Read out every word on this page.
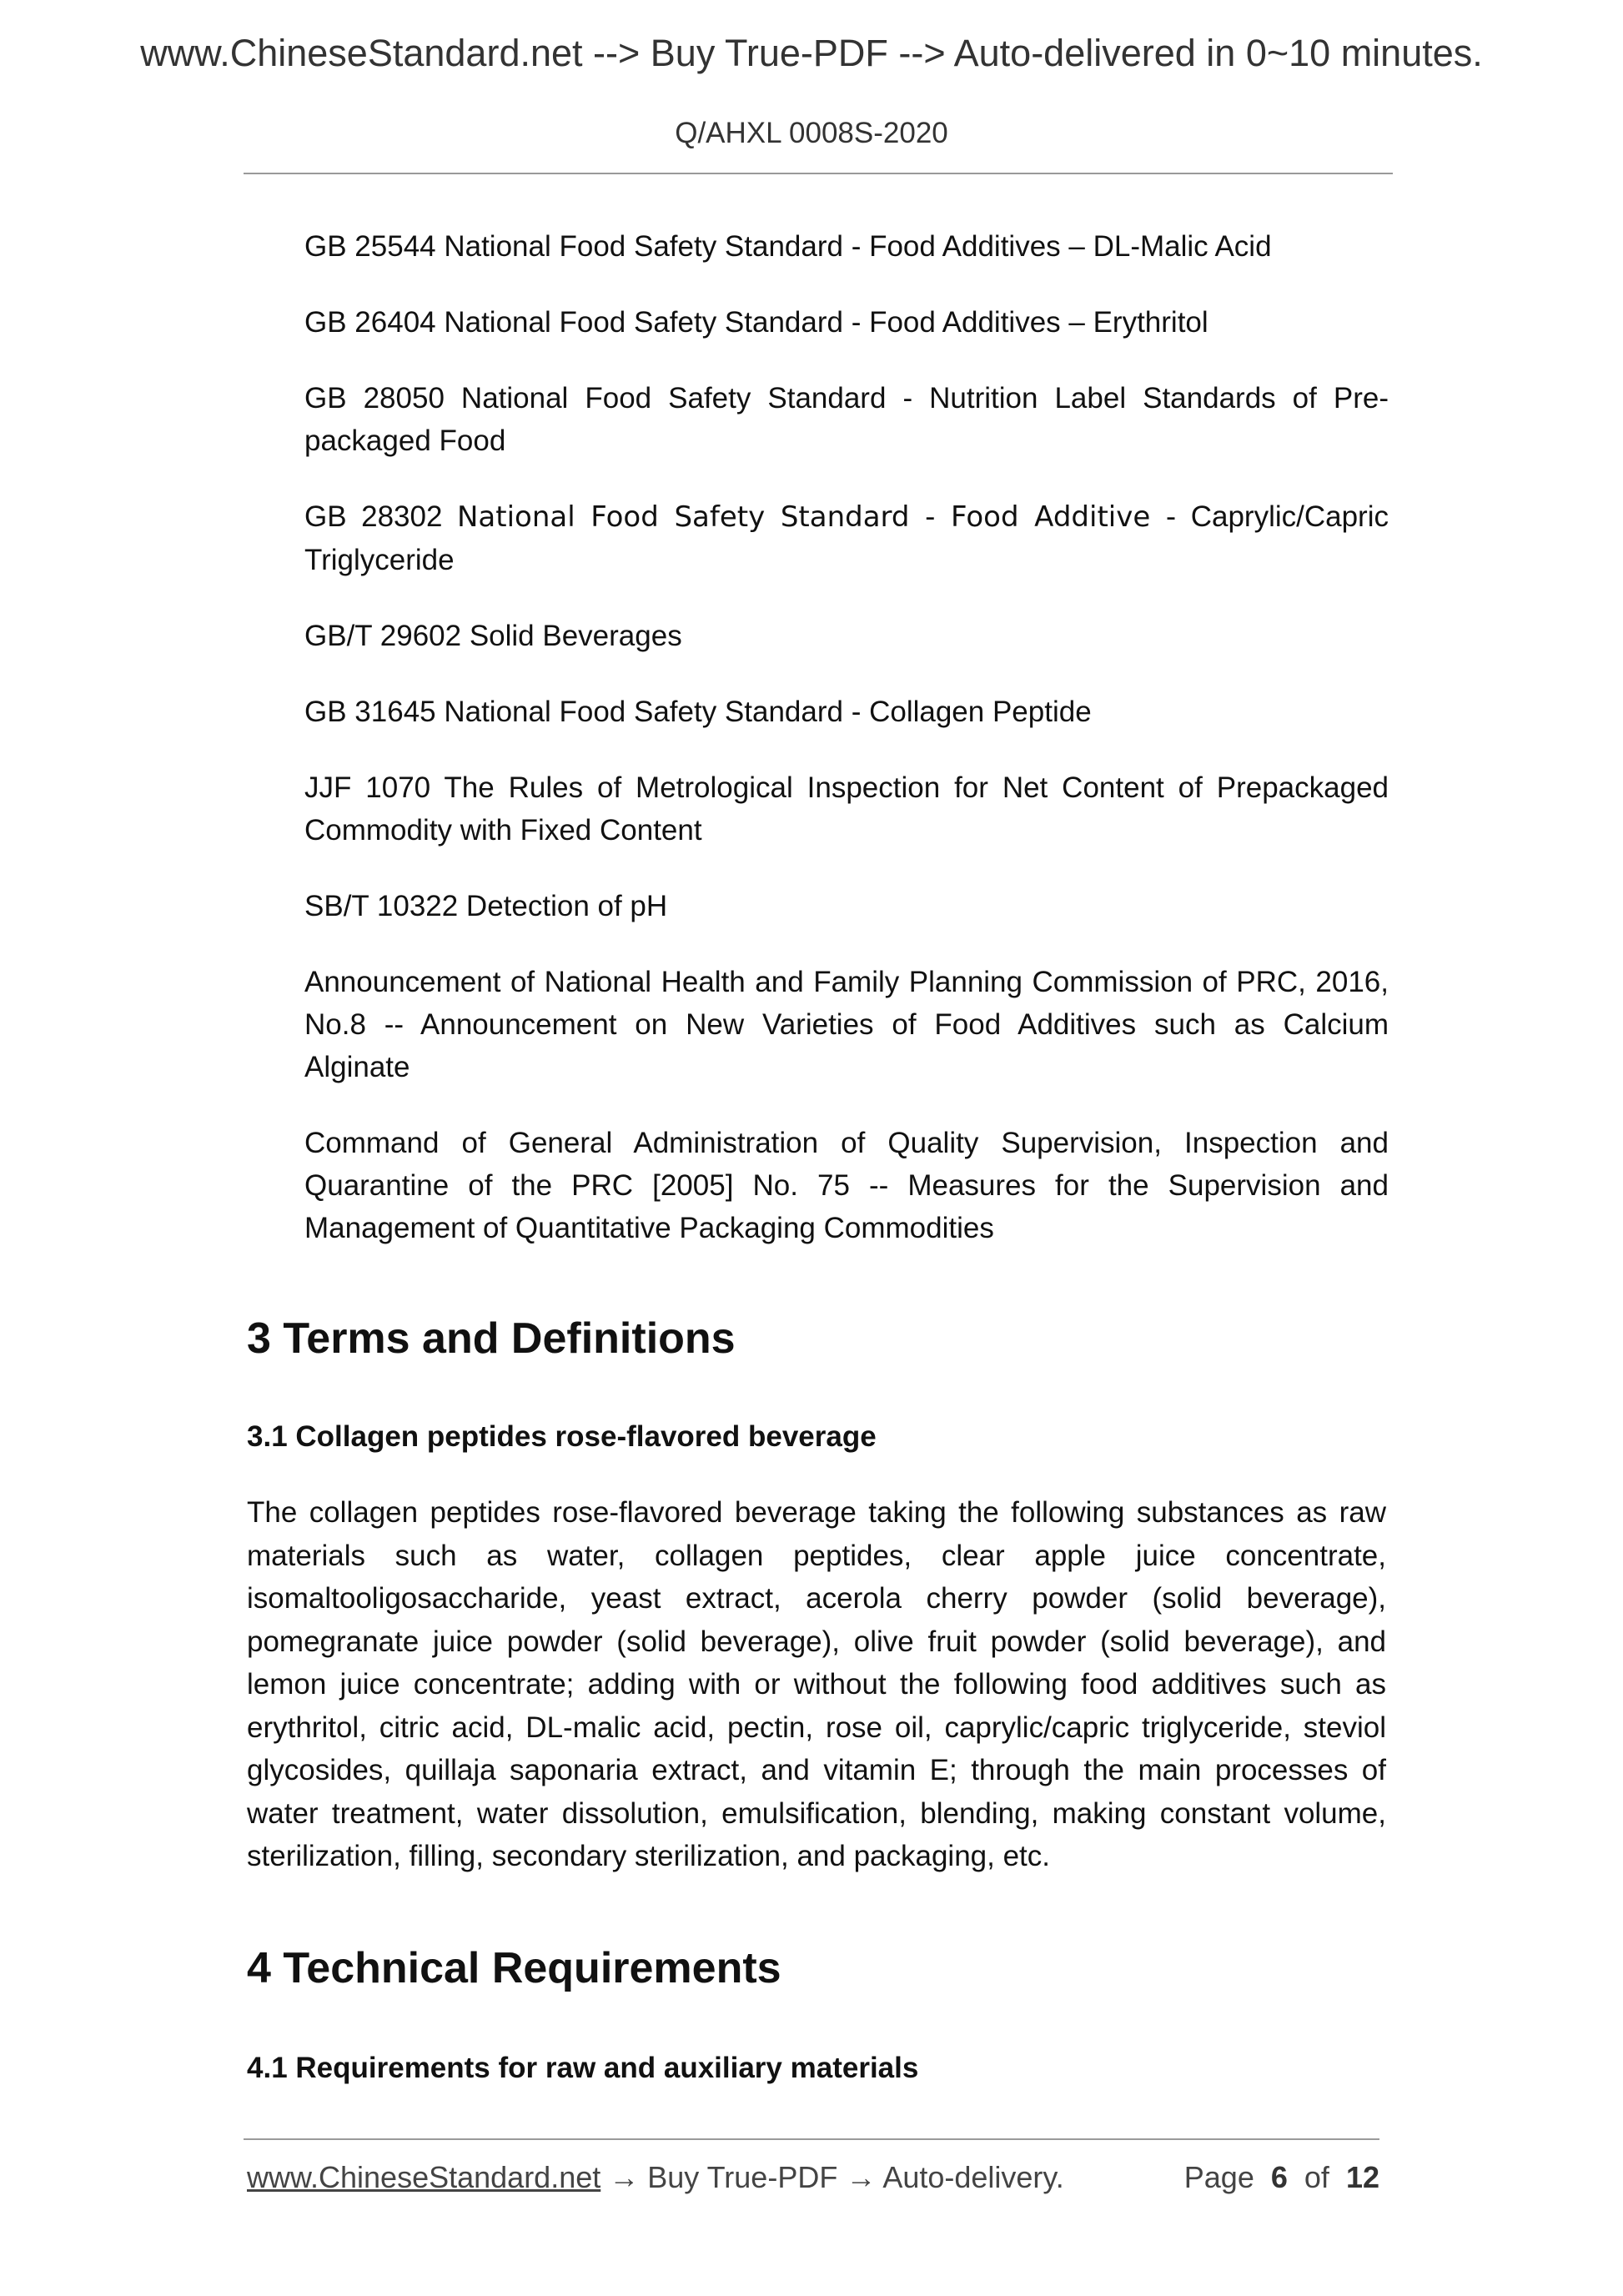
www.ChineseStandard.net --> Buy True-PDF --> Auto-delivered in 0~10 minutes.
Q/AHXL 0008S-2020

GB 25544 National Food Safety Standard - Food Additives – DL-Malic Acid

GB 26404 National Food Safety Standard - Food Additives – Erythritol

GB 28050 National Food Safety Standard - Nutrition Label Standards of Pre-packaged Food

GB 28302 National Food Safety Standard - Food Additive - Caprylic/Capric Triglyceride

GB/T 29602 Solid Beverages

GB 31645 National Food Safety Standard - Collagen Peptide

JJF 1070 The Rules of Metrological Inspection for Net Content of Prepackaged Commodity with Fixed Content

SB/T 10322 Detection of pH

Announcement of National Health and Family Planning Commission of PRC, 2016, No.8 -- Announcement on New Varieties of Food Additives such as Calcium Alginate

Command of General Administration of Quality Supervision, Inspection and Quarantine of the PRC [2005] No. 75 -- Measures for the Supervision and Management of Quantitative Packaging Commodities

3 Terms and Definitions
3.1 Collagen peptides rose-flavored beverage

The collagen peptides rose-flavored beverage taking the following substances as raw materials such as water, collagen peptides, clear apple juice concentrate, isomaltooligosaccharide, yeast extract, acerola cherry powder (solid beverage), pomegranate juice powder (solid beverage), olive fruit powder (solid beverage), and lemon juice concentrate; adding with or without the following food additives such as erythritol, citric acid, DL-malic acid, pectin, rose oil, caprylic/capric triglyceride, steviol glycosides, quillaja saponaria extract, and vitamin E; through the main processes of water treatment, water dissolution, emulsification, blending, making constant volume, sterilization, filling, secondary sterilization, and packaging, etc.

4 Technical Requirements
4.1 Requirements for raw and auxiliary materials
www.ChineseStandard.net → Buy True-PDF → Auto-delivery.	Page 6 of 12
